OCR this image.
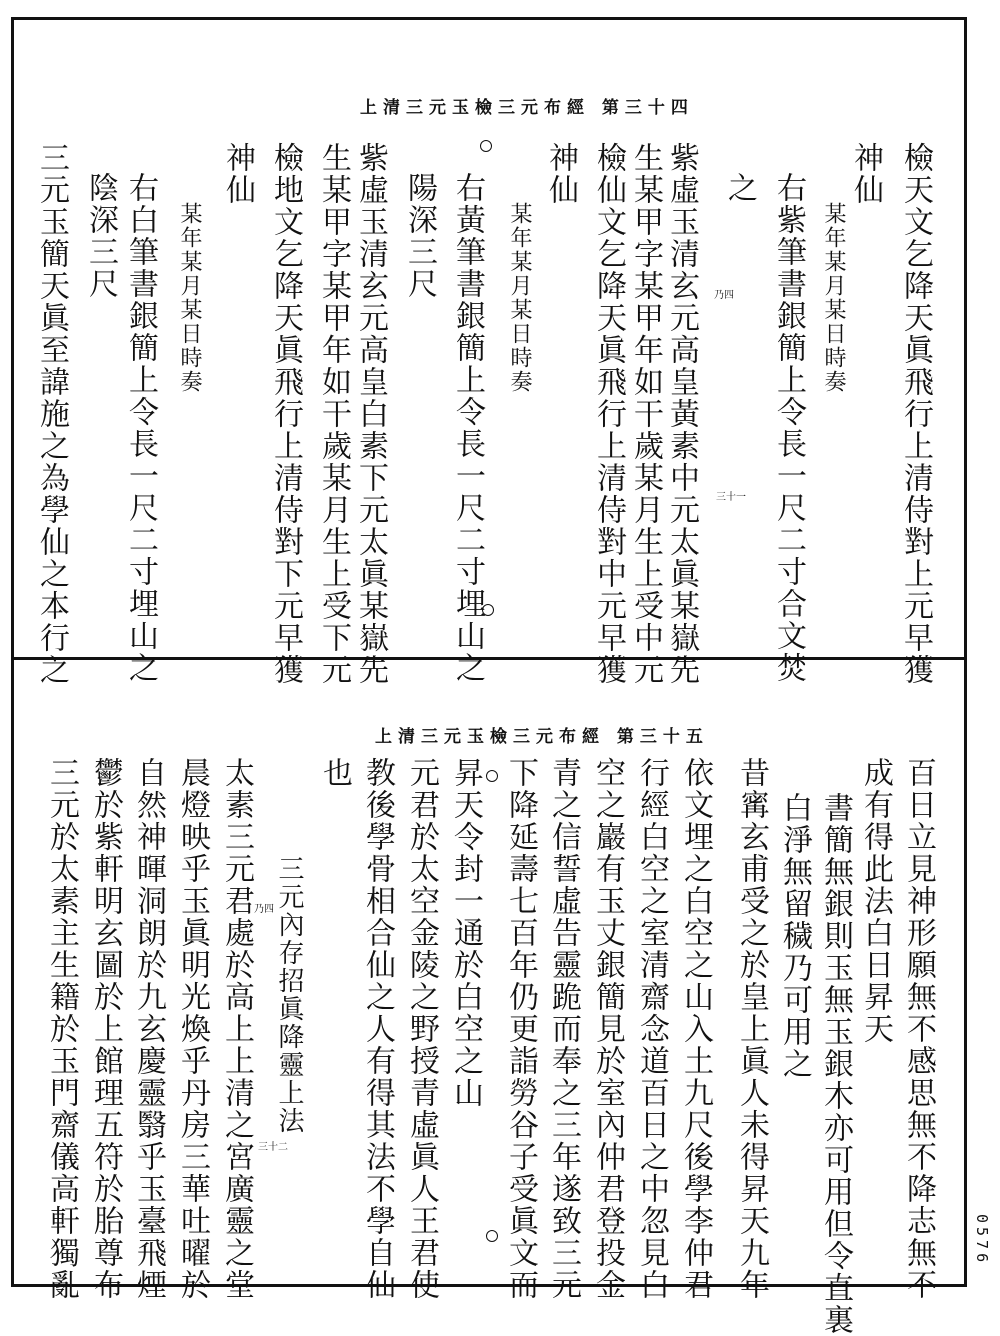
上清三元玉檢三元布經 第三十四
檢天文乞降天眞飛行上清侍對上元早獲
神仙
某年某月某日時奏
右紫筆書銀簡上令長一尺二寸合文焚
之
紫虛玉清玄元高皇黃素中元太眞某嶽先
生某甲字某甲年如干歲某月生上受中元
檢仙文乞降天眞飛行上清侍對中元早獲
神仙
某年某月某日時奏
右黃筆書銀簡上令長一尺二寸埋山之
陽深三尺
紫虛玉清玄元高皇白素下元太眞某嶽先
生某甲字某甲年如干歲某月生上受下元
檢地文乞降天眞飛行上清侍對下元早獲
神仙
某年某月某日時奏
右白筆書銀簡上令長一尺二寸埋山之
陰深三尺
三元玉簡天眞至諱施之為學仙之本行之	三十一
乃四
上清三元玉檢三元布經 第三十五
百日立見神形願無不感思無不降志無不
成有得此法白日昇天
書簡無銀則玉無玉銀木亦可用但令直裏
白淨無留穢乃可用之
昔寗玄甫受之於皇上眞人未得昇天九年
依文埋之白空之山入土九尺後學李仲君
行經白空之室清齋念道百日之中忽見白
空之巖有玉丈銀簡見於室內仲君登投金
青之信誓虛告靈跪而奉之三年遂致三元
下降延壽七百年仍更詣勞谷子受眞文而
昇天令封一通於白空之山
元君於太空金陵之野授青虛眞人王君使
教後學骨相合仙之人有得其法不學自仙
也
三元內存招眞降靈上法
太素三元君處於高上上清之宮廣靈之堂
晨燈映乎玉眞明光煥乎丹房三華吐曜於
自然神暉洞朗於九玄慶靈翳乎玉臺飛煙
鬱於紫軒明玄圖於上館理五符於胎尊布
三元於太素主生籍於玉門齋儀高軒獨亂	三十二
乃四
0576
